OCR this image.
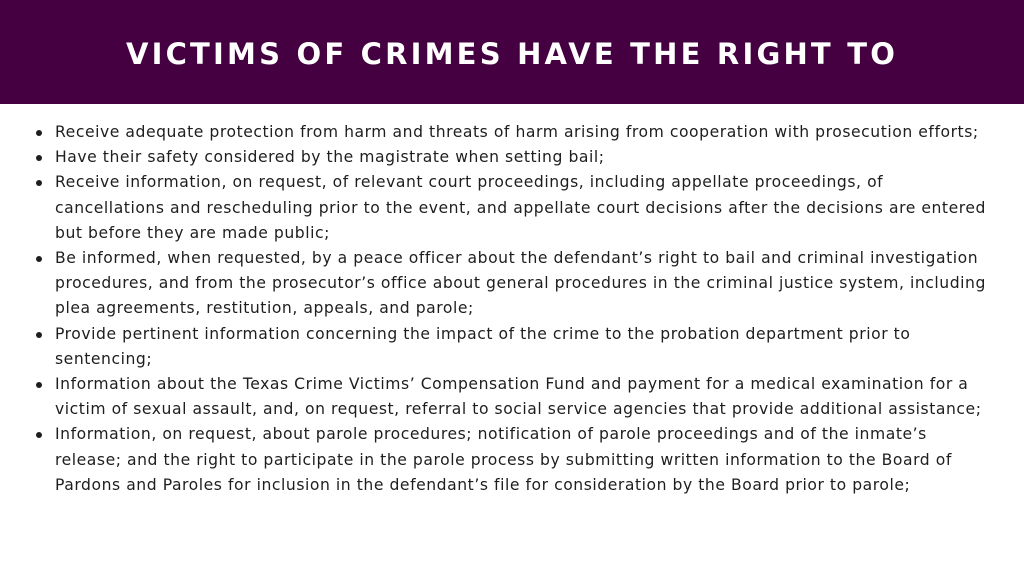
VICTIMS OF CRIMES HAVE THE RIGHT TO
Receive adequate protection from harm and threats of harm arising from cooperation with prosecution efforts;
Have their safety considered by the magistrate when setting bail;
Receive information, on request, of relevant court proceedings, including appellate proceedings, of cancellations and rescheduling prior to the event, and appellate court decisions after the decisions are entered but before they are made public;
Be informed, when requested, by a peace officer about the defendant’s right to bail and criminal investigation procedures, and from the prosecutor’s office about general procedures in the criminal justice system, including plea agreements, restitution, appeals, and parole;
Provide pertinent information concerning the impact of the crime to the probation department prior to sentencing;
Information about the Texas Crime Victims’ Compensation Fund and payment for a medical examination for a victim of sexual assault, and, on request, referral to social service agencies that provide additional assistance;
Information, on request, about parole procedures; notification of parole proceedings and of the inmate’s release; and the right to participate in the parole process by submitting written information to the Board of Pardons and Paroles for inclusion in the defendant’s file for consideration by the Board prior to parole;
